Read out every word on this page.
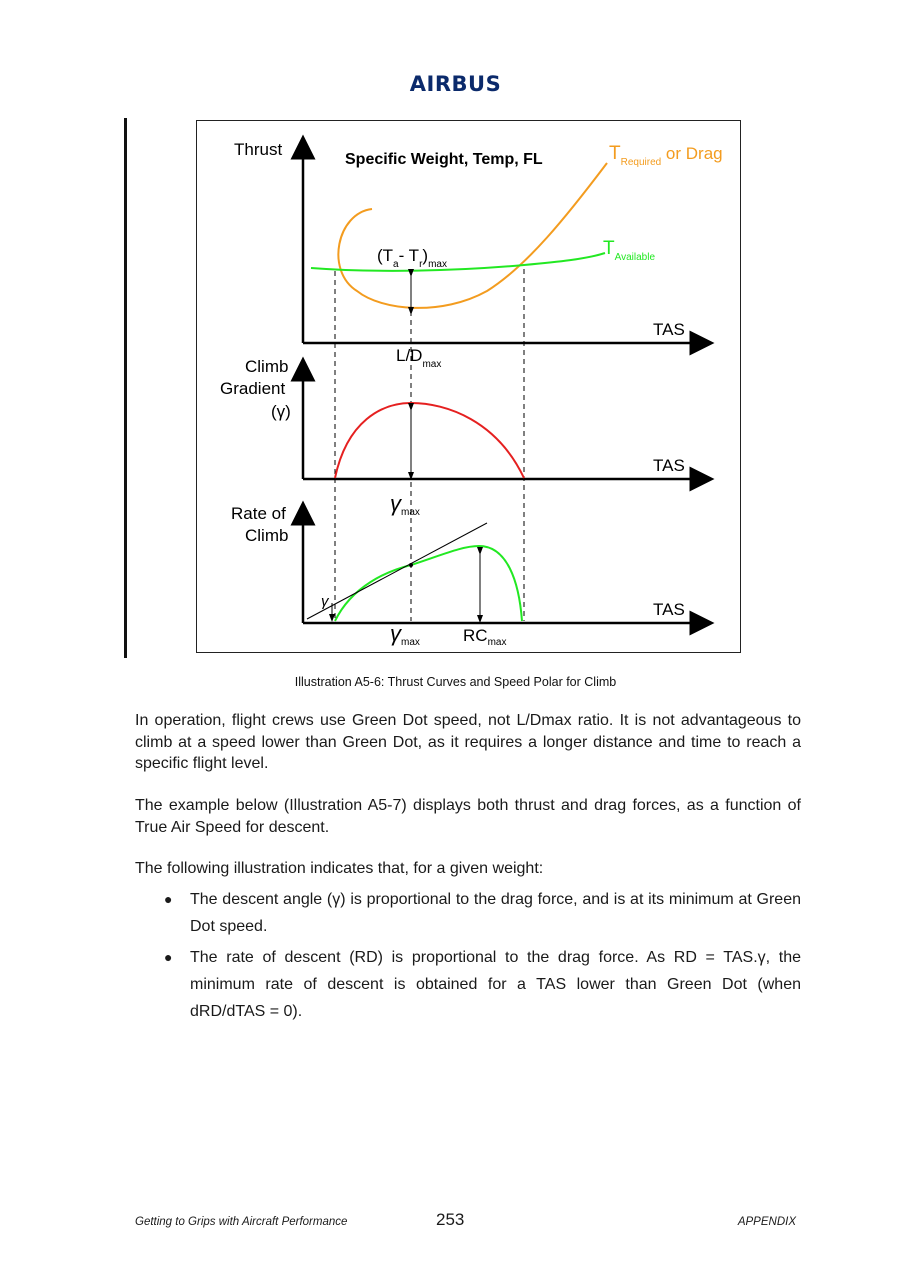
AIRBUS
Thrust
Specific Weight, Temp, FL	$T_{Required}$ or Drag
$T_{Available}$
($T_a-$ $T_r)_{max}$
TAS
$L/D_{max}$
Climb
Gradient
(γ)
TAS
γmax
Rate of
Climb
TAS
γ
γmax	$RC_{max}$
Illustration A5-6: Thrust Curves and Speed Polar for Climb

In operation, flight crews use Green Dot speed, not L/Dmax ratio. It is not advantageous to climb at a speed lower than Green Dot, as it requires a longer distance and time to reach a specific flight level.

The example below (Illustration A5-7) displays both thrust and drag forces, as a function of True Air Speed for descent.

The following illustration indicates that, for a given weight:

● The descent angle (γ) is proportional to the drag force, and is at its minimum at Green Dot speed.
● The rate of descent (RD) is proportional to the drag force. As RD = TAS.γ, the minimum rate of descent is obtained for a TAS lower than Green Dot (when dRD/dTAS = 0).
Getting to Grips with Aircraft Performance	253	APPENDIX
